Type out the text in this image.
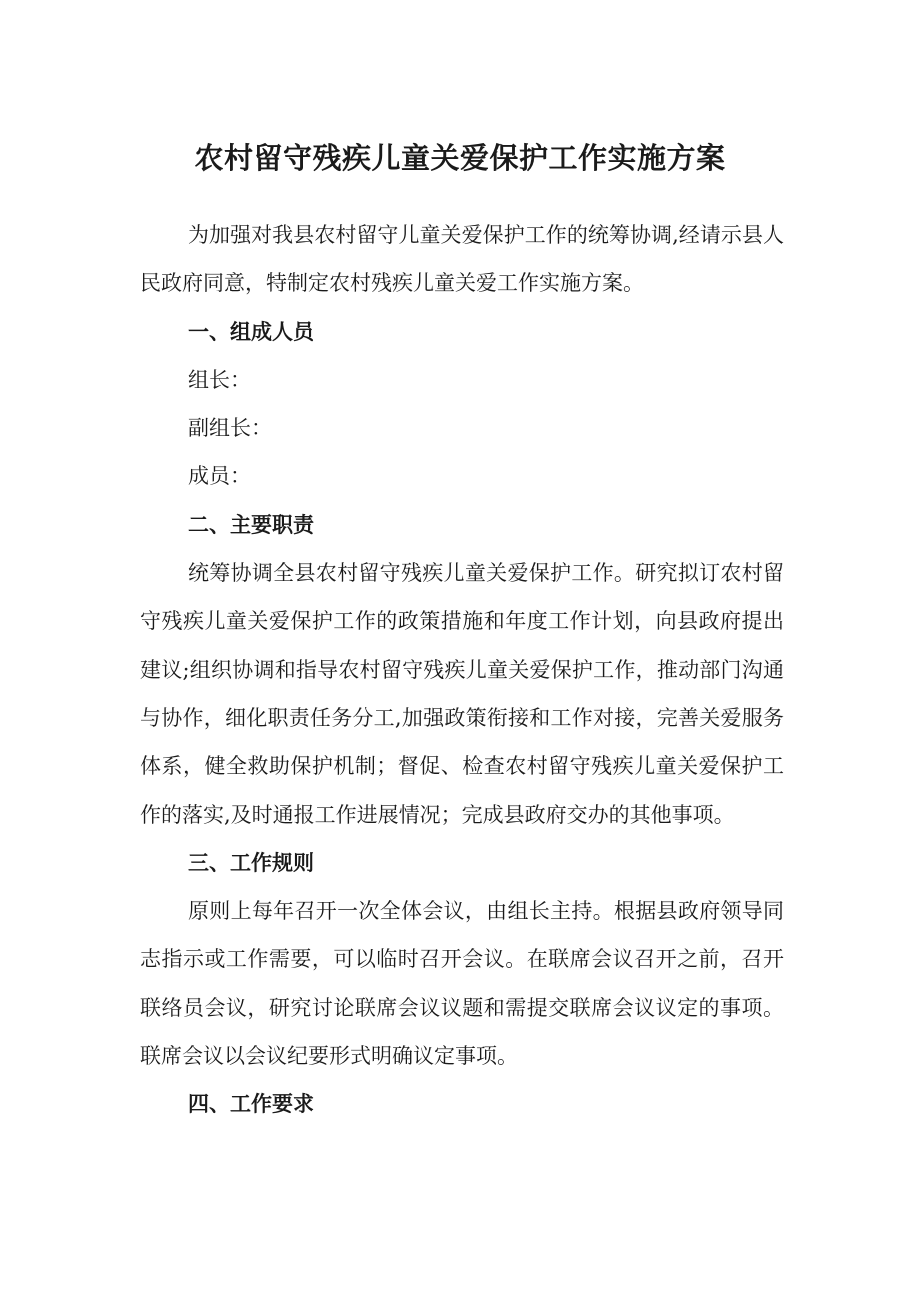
农村留守残疾儿童关爱保护工作实施方案

为加强对我县农村留守儿童关爱保护工作的统筹协调,经请示县人民政府同意，特制定农村残疾儿童关爱工作实施方案。

一、组成人员

组长：

副组长：

成员：

二、主要职责

统筹协调全县农村留守残疾儿童关爱保护工作。研究拟订农村留守残疾儿童关爱保护工作的政策措施和年度工作计划，向县政府提出建议;组织协调和指导农村留守残疾儿童关爱保护工作，推动部门沟通与协作，细化职责任务分工,加强政策衔接和工作对接，完善关爱服务体系，健全救助保护机制；督促、检查农村留守残疾儿童关爱保护工作的落实,及时通报工作进展情况；完成县政府交办的其他事项。

三、工作规则

原则上每年召开一次全体会议，由组长主持。根据县政府领导同志指示或工作需要，可以临时召开会议。在联席会议召开之前，召开联络员会议，研究讨论联席会议议题和需提交联席会议议定的事项。联席会议以会议纪要形式明确议定事项。

四、工作要求
